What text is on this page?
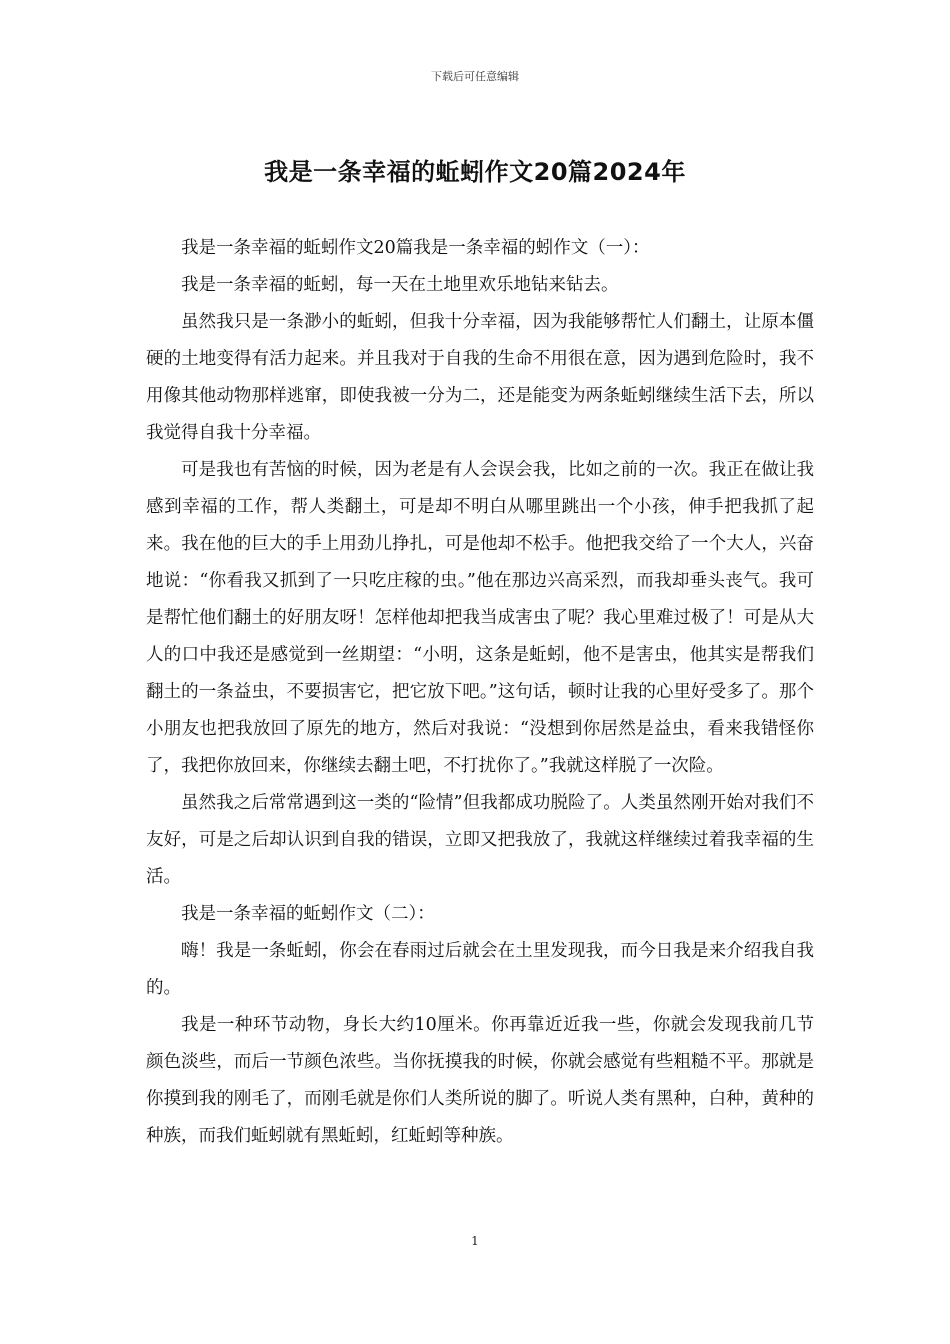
下载后可任意编辑
我是一条幸福的蚯蚓作文20篇2024年

我是一条幸福的蚯蚓作文20篇我是一条幸福的蚓作文（一）：

我是一条幸福的蚯蚓，每一天在土地里欢乐地钻来钻去。

虽然我只是一条渺小的蚯蚓，但我十分幸福，因为我能够帮忙人们翻土，让原本僵硬的土地变得有活力起来。并且我对于自我的生命不用很在意，因为遇到危险时，我不用像其他动物那样逃窜，即使我被一分为二，还是能变为两条蚯蚓继续生活下去，所以我觉得自我十分幸福。

可是我也有苦恼的时候，因为老是有人会误会我，比如之前的一次。我正在做让我感到幸福的工作，帮人类翻土，可是却不明白从哪里跳出一个小孩，伸手把我抓了起来。我在他的巨大的手上用劲儿挣扎，可是他却不松手。他把我交给了一个大人，兴奋地说：“你看我又抓到了一只吃庄稼的虫。”他在那边兴高采烈，而我却垂头丧气。我可是帮忙他们翻土的好朋友呀！怎样他却把我当成害虫了呢？我心里难过极了！可是从大人的口中我还是感觉到一丝期望：“小明，这条是蚯蚓，他不是害虫，他其实是帮我们翻土的一条益虫，不要损害它，把它放下吧。”这句话，顿时让我的心里好受多了。那个小朋友也把我放回了原先的地方，然后对我说：“没想到你居然是益虫，看来我错怪你了，我把你放回来，你继续去翻土吧，不打扰你了。”我就这样脱了一次险。

虽然我之后常常遇到这一类的“险情”但我都成功脱险了。人类虽然刚开始对我们不友好，可是之后却认识到自我的错误，立即又把我放了，我就这样继续过着我幸福的生活。

我是一条幸福的蚯蚓作文（二）：

嗨！我是一条蚯蚓，你会在春雨过后就会在土里发现我，而今日我是来介绍我自我的。

我是一种环节动物，身长大约10厘米。你再靠近近我一些，你就会发现我前几节颜色淡些，而后一节颜色浓些。当你抚摸我的时候，你就会感觉有些粗糙不平。那就是你摸到我的刚毛了，而刚毛就是你们人类所说的脚了。听说人类有黑种，白种，黄种的种族，而我们蚯蚓就有黑蚯蚓，红蚯蚓等种族。

1
